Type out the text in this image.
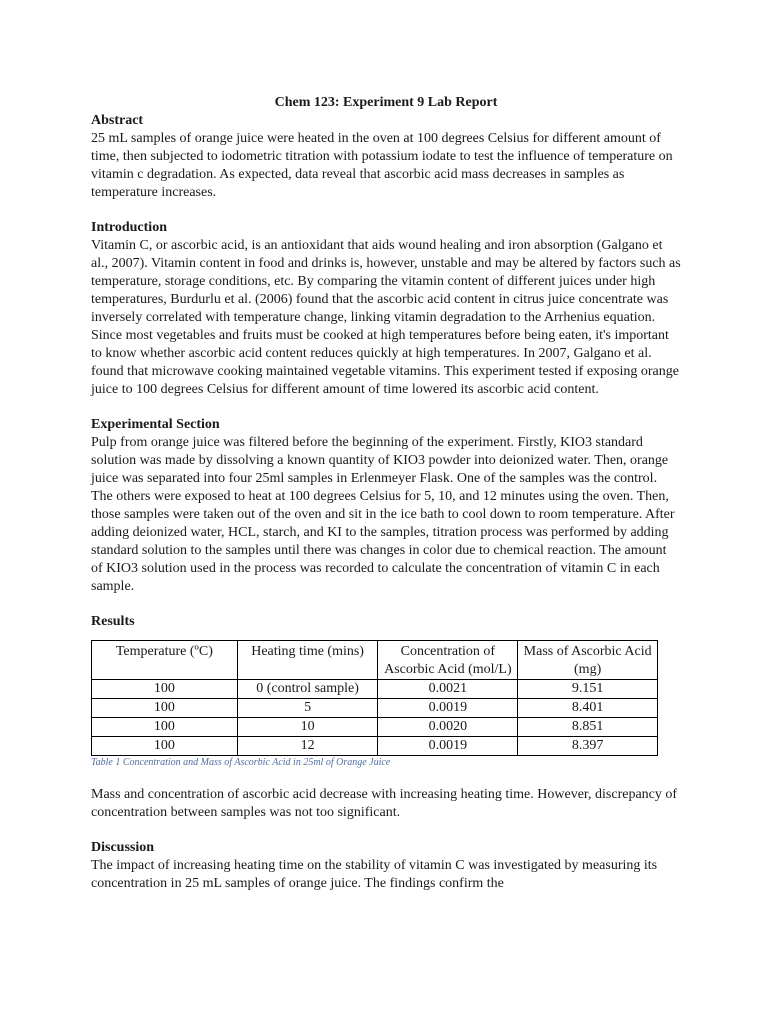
Chem 123: Experiment 9 Lab Report

Abstract

25 mL samples of orange juice were heated in the oven at 100 degrees Celsius for different amount of time, then subjected to iodometric titration with potassium iodate to test the influence of temperature on vitamin c degradation. As expected, data reveal that ascorbic acid mass decreases in samples as temperature increases.

Introduction

Vitamin C, or ascorbic acid, is an antioxidant that aids wound healing and iron absorption (Galgano et al., 2007). Vitamin content in food and drinks is, however, unstable and may be altered by factors such as temperature, storage conditions, etc. By comparing the vitamin content of different juices under high temperatures, Burdurlu et al. (2006) found that the ascorbic acid content in citrus juice concentrate was inversely correlated with temperature change, linking vitamin degradation to the Arrhenius equation. Since most vegetables and fruits must be cooked at high temperatures before being eaten, it's important to know whether ascorbic acid content reduces quickly at high temperatures. In 2007, Galgano et al. found that microwave cooking maintained vegetable vitamins. This experiment tested if exposing orange juice to 100 degrees Celsius for different amount of time lowered its ascorbic acid content.

Experimental Section

Pulp from orange juice was filtered before the beginning of the experiment. Firstly, KIO3 standard solution was made by dissolving a known quantity of KIO3 powder into deionized water. Then, orange juice was separated into four 25ml samples in Erlenmeyer Flask. One of the samples was the control. The others were exposed to heat at 100 degrees Celsius for 5, 10, and 12 minutes using the oven. Then, those samples were taken out of the oven and sit in the ice bath to cool down to room temperature. After adding deionized water, HCL, starch, and KI to the samples, titration process was performed by adding standard solution to the samples until there was changes in color due to chemical reaction. The amount of KIO3 solution used in the process was recorded to calculate the concentration of vitamin C in each sample.

Results

Temperature (ºC)	Heating time (mins)	Concentration of Ascorbic Acid (mol/L)	Mass of Ascorbic Acid (mg)
100	0 (control sample)	0.0021	9.151
100	5	0.0019	8.401
100	10	0.0020	8.851
100	12	0.0019	8.397

Table 1 Concentration and Mass of Ascorbic Acid in 25ml of Orange Juice

Mass and concentration of ascorbic acid decrease with increasing heating time. However, discrepancy of concentration between samples was not too significant.

Discussion

The impact of increasing heating time on the stability of vitamin C was investigated by measuring its concentration in 25 mL samples of orange juice. The findings confirm the
